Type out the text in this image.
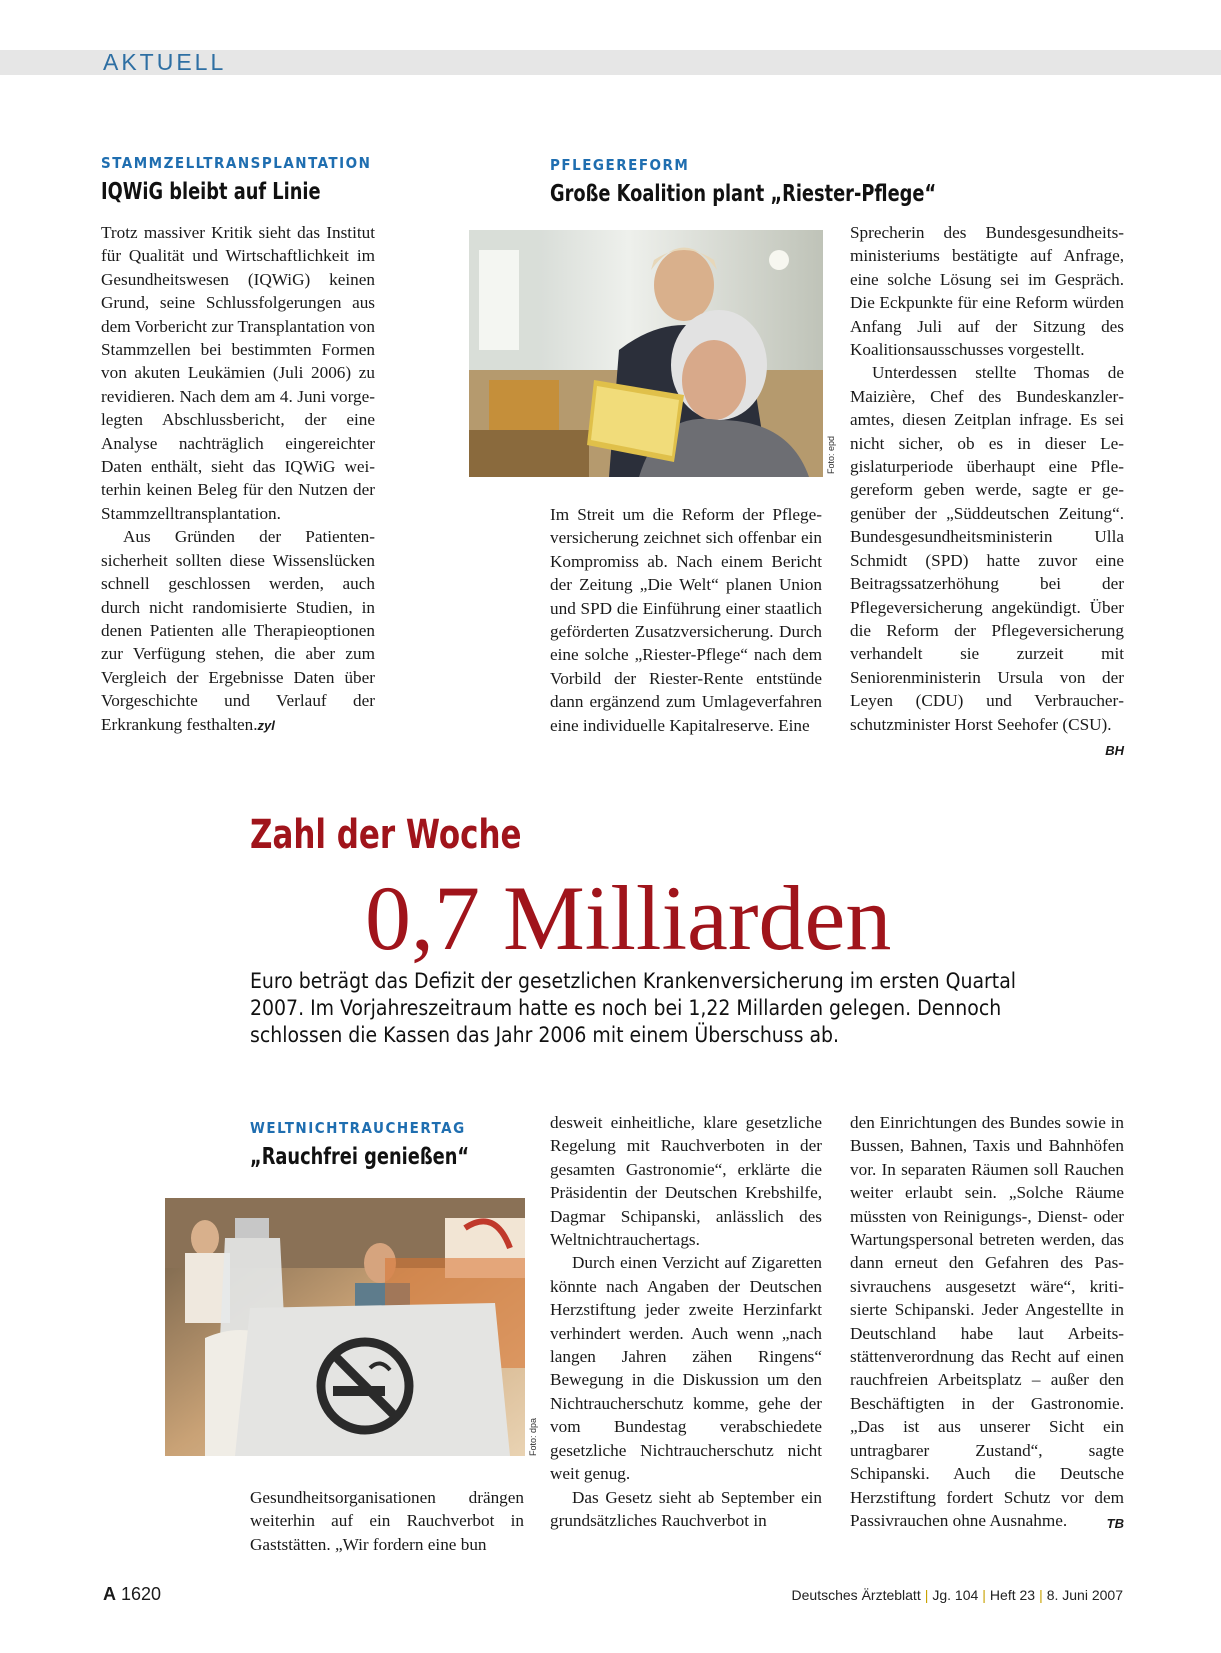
AKTUELL
STAMMZELLTRANSPLANTATION
IQWiG bleibt auf Linie

Trotz massiver Kritik sieht das Institut für Qualität und Wirtschaftlichkeit im Gesundheitswesen (IQWiG) keinen Grund, seine Schlussfolgerungen aus dem Vorbericht zur Transplantation von Stammzellen bei bestimmten Formen von akuten Leukämien (Juli 2006) zu revidieren. Nach dem am 4. Juni vorgelegten Abschlussbericht, der eine Analyse nachträglich eingereichter Daten enthält, sieht das IQWiG weiterhin keinen Beleg für den Nutzen der Stammzelltransplantation.

Aus Gründen der Patientensicherheit sollten diese Wissenslücken schnell geschlossen werden, auch durch nicht randomisierte Studien, in denen Patienten alle Therapieoptionen zur Verfügung stehen, die aber zum Vergleich der Ergebnisse Daten über Vorgeschichte und Verlauf der Erkrankung festhalten.zyl

PFLEGEREFORM
Große Koalition plant „Riester-Pflege“
Foto: epd

Im Streit um die Reform der Pflegeversicherung zeichnet sich offenbar ein Kompromiss ab. Nach einem Bericht der Zeitung „Die Welt“ planen Union und SPD die Einführung einer staatlich geförderten Zusatzversicherung. Durch eine solche „Riester-Pflege“ nach dem Vorbild der Riester-Rente entstünde dann ergänzend zum Umlageverfahren eine individuelle Kapitalreserve. Eine

Sprecherin des Bundesgesundheitsministeriums bestätigte auf Anfrage, eine solche Lösung sei im Gespräch. Die Eckpunkte für eine Reform würden Anfang Juli auf der Sitzung des Koalitionsausschusses vorgestellt.

Unterdessen stellte Thomas de Maizière, Chef des Bundeskanzleramtes, diesen Zeitplan infrage. Es sei nicht sicher, ob es in dieser Legislaturperiode überhaupt eine Pflegereform geben werde, sagte er gegenüber der „Süddeutschen Zeitung“. Bundesgesundheitsministerin Ulla Schmidt (SPD) hatte zuvor eine Beitragssatzerhöhung bei der Pflegeversicherung angekündigt. Über die Reform der Pflegeversicherung verhandelt sie zurzeit mit Seniorenministerin Ursula von der Leyen (CDU) und Verbraucherschutzminister Horst Seehofer (CSU).
BH

Zahl der Woche
0,7 Milliarden
Euro beträgt das Defizit der gesetzlichen Krankenversicherung im ersten Quartal 2007. Im Vorjahreszeitraum hatte es noch bei 1,22 Millarden gelegen. Dennoch schlossen die Kassen das Jahr 2006 mit einem Überschuss ab.
WELTNICHTRAUCHERTAG
„Rauchfrei genießen“
Foto: dpa

Gesundheitsorganisationen drängen weiterhin auf ein Rauchverbot in Gaststätten. „Wir fordern eine bun

desweit einheitliche, klare gesetzliche Regelung mit Rauchverboten in der gesamten Gastronomie“, erklärte die Präsidentin der Deutschen Krebshilfe, Dagmar Schipanski, anlässlich des Weltnichtrauchertags.

Durch einen Verzicht auf Zigaretten könnte nach Angaben der Deutschen Herzstiftung jeder zweite Herzinfarkt verhindert werden. Auch wenn „nach langen Jahren zähen Ringens“ Bewegung in die Diskussion um den Nichtraucherschutz komme, gehe der vom Bundestag verabschiedete gesetzliche Nichtraucherschutz nicht weit genug.

Das Gesetz sieht ab September ein grundsätzliches Rauchverbot in

den Einrichtungen des Bundes sowie in Bussen, Bahnen, Taxis und Bahnhöfen vor. In separaten Räumen soll Rauchen weiter erlaubt sein. „Solche Räume müssten von Reinigungs-, Dienst- oder Wartungspersonal betreten werden, das dann erneut den Gefahren des Passivrauchens ausgesetzt wäre“, kritisierte Schipanski. Jeder Angestellte in Deutschland habe laut Arbeitsstättenverordnung das Recht auf einen rauchfreien Arbeitsplatz – außer den Beschäftigten in der Gastronomie. „Das ist aus unserer Sicht ein untragbarer Zustand“, sagte Schipanski. Auch die Deutsche Herzstiftung fordert Schutz vor dem Passivrauchen ohne Ausnahme.	TB

A 1620	Deutsches Ärzteblatt | Jg. 104 | Heft 23 | 8. Juni 2007
